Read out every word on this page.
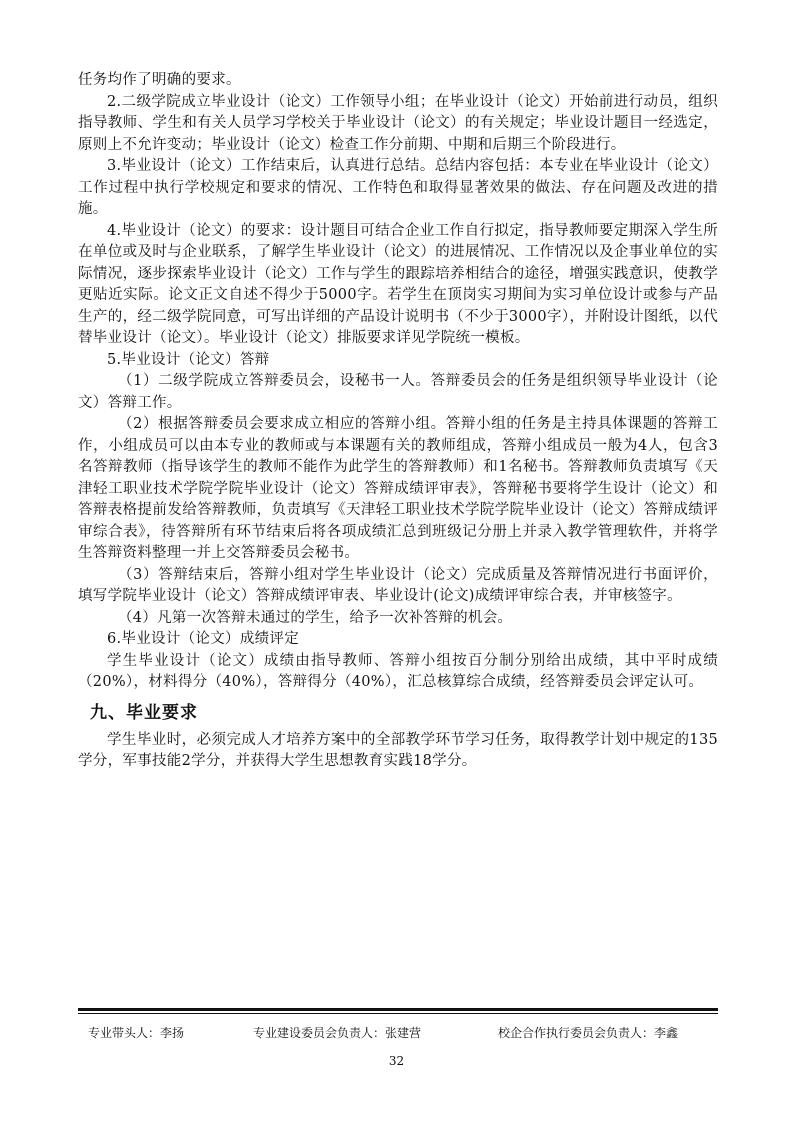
任务均作了明确的要求。

2.二级学院成立毕业设计（论文）工作领导小组；在毕业设计（论文）开始前进行动员，组织指导教师、学生和有关人员学习学校关于毕业设计（论文）的有关规定；毕业设计题目一经选定，原则上不允许变动；毕业设计（论文）检查工作分前期、中期和后期三个阶段进行。

3.毕业设计（论文）工作结束后，认真进行总结。总结内容包括：本专业在毕业设计（论文）工作过程中执行学校规定和要求的情况、工作特色和取得显著效果的做法、存在问题及改进的措施。

4.毕业设计（论文）的要求：设计题目可结合企业工作自行拟定，指导教师要定期深入学生所在单位或及时与企业联系，了解学生毕业设计（论文）的进展情况、工作情况以及企事业单位的实际情况，逐步探索毕业设计（论文）工作与学生的跟踪培养相结合的途径，增强实践意识，使教学更贴近实际。论文正文自述不得少于5000字。若学生在顶岗实习期间为实习单位设计或参与产品生产的，经二级学院同意，可写出详细的产品设计说明书（不少于3000字），并附设计图纸，以代替毕业设计（论文）。毕业设计（论文）排版要求详见学院统一模板。

5.毕业设计（论文）答辩

（1）二级学院成立答辩委员会，设秘书一人。答辩委员会的任务是组织领导毕业设计（论文）答辩工作。

（2）根据答辩委员会要求成立相应的答辩小组。答辩小组的任务是主持具体课题的答辩工作，小组成员可以由本专业的教师或与本课题有关的教师组成，答辩小组成员一般为4人，包含3名答辩教师（指导该学生的教师不能作为此学生的答辩教师）和1名秘书。答辩教师负责填写《天津轻工职业技术学院学院毕业设计（论文）答辩成绩评审表》，答辩秘书要将学生设计（论文）和答辩表格提前发给答辩教师，负责填写《天津轻工职业技术学院学院毕业设计（论文）答辩成绩评审综合表》，待答辩所有环节结束后将各项成绩汇总到班级记分册上并录入教学管理软件，并将学生答辩资料整理一并上交答辩委员会秘书。

（3）答辩结束后，答辩小组对学生毕业设计（论文）完成质量及答辩情况进行书面评价，填写学院毕业设计（论文）答辩成绩评审表、毕业设计(论文)成绩评审综合表，并审核签字。

（4）凡第一次答辩未通过的学生，给予一次补答辩的机会。

6.毕业设计（论文）成绩评定

学生毕业设计（论文）成绩由指导教师、答辩小组按百分制分别给出成绩，其中平时成绩（20%），材料得分（40%），答辩得分（40%），汇总核算综合成绩，经答辩委员会评定认可。

九、毕业要求

学生毕业时，必须完成人才培养方案中的全部教学环节学习任务，取得教学计划中规定的135学分，军事技能2学分，并获得大学生思想教育实践18学分。

专业带头人：李扬	专业建设委员会负责人：张建营	校企合作执行委员会负责人：李鑫
32
